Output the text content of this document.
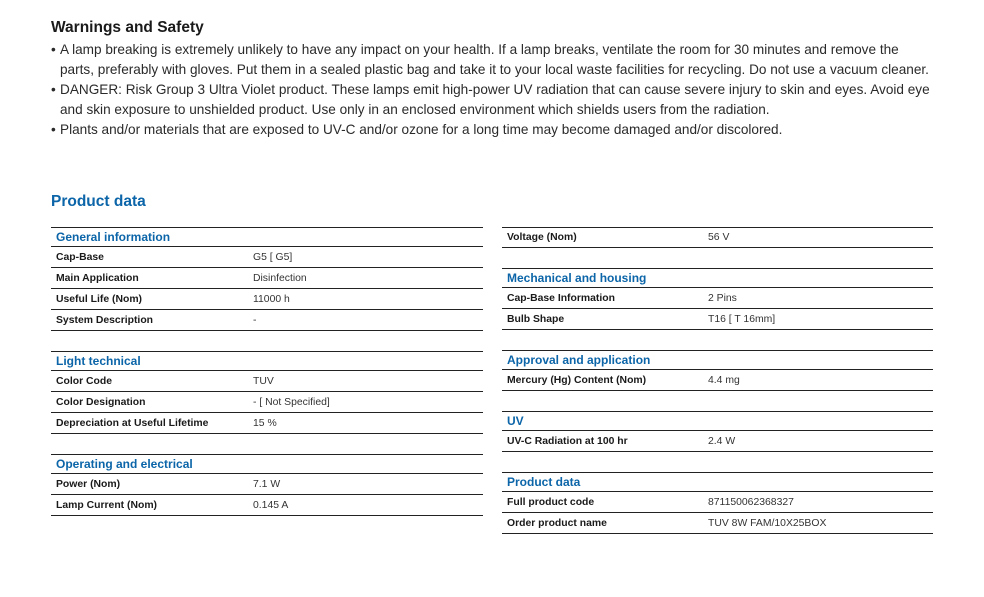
Warnings and Safety
• A lamp breaking is extremely unlikely to have any impact on your health. If a lamp breaks, ventilate the room for 30 minutes and remove the parts, preferably with gloves. Put them in a sealed plastic bag and take it to your local waste facilities for recycling. Do not use a vacuum cleaner.
• DANGER: Risk Group 3 Ultra Violet product. These lamps emit high-power UV radiation that can cause severe injury to skin and eyes. Avoid eye and skin exposure to unshielded product. Use only in an enclosed environment which shields users from the radiation.
• Plants and/or materials that are exposed to UV-C and/or ozone for a long time may become damaged and/or discolored.
Product data
General information
Cap-Base	G5 [ G5]
Main Application	Disinfection
Useful Life (Nom)	11000 h
System Description	-
Light technical
Color Code	TUV
Color Designation	- [ Not Specified]
Depreciation at Useful Lifetime	15 %
Operating and electrical
Power (Nom)	7.1 W
Lamp Current (Nom)	0.145 A
Voltage (Nom)	56 V
Mechanical and housing
Cap-Base Information	2 Pins
Bulb Shape	T16 [ T 16mm]
Approval and application
Mercury (Hg) Content (Nom)	4.4 mg
UV
UV-C Radiation at 100 hr	2.4 W
Product data
Full product code	871150062368327
Order product name	TUV 8W FAM/10X25BOX
